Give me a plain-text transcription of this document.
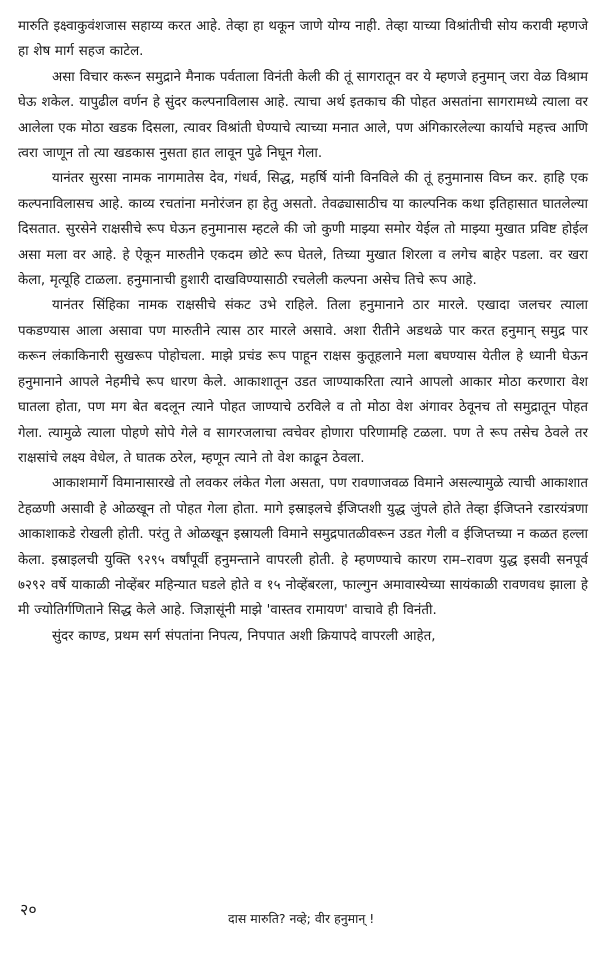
मारुति इक्ष्वाकुवंशजास सहाय्य करत आहे. तेव्हा हा थकून जाणे योग्य नाही. तेव्हा याच्या विश्रांतीची सोय करावी म्हणजे हा शेष मार्ग सहज काटेल.

असा विचार करून समुद्राने मैनाक पर्वताला विनंती केली की तूं सागरातून वर ये म्हणजे हनुमान् जरा वेळ विश्राम घेऊ शकेल. यापुढील वर्णन हे सुंदर कल्पनाविलास आहे. त्याचा अर्थ इतकाच की पोहत असतांना सागरामध्ये त्याला वर आलेला एक मोठा खडक दिसला, त्यावर विश्रांती घेण्याचे त्याच्या मनात आले, पण अंगिकारलेल्या कार्याचे महत्त्व आणि त्वरा जाणून तो त्या खडकास नुसता हात लावून पुढे निघून गेला.

यानंतर सुरसा नामक नागमातेस देव, गंधर्व, सिद्ध, महर्षि यांनी विनविले की तूं हनुमानास विघ्न कर. हाहि एक कल्पनाविलासच आहे. काव्य रचतांना मनोरंजन हा हेतु असतो. तेवढ्यासाठीच या काल्पनिक कथा इतिहासात घातलेल्या दिसतात. सुरसेने राक्षसीचे रूप घेऊन हनुमानास म्हटले की जो कुणी माझ्या समोर येईल तो माझ्या मुखात प्रविष्ट होईल असा मला वर आहे. हे ऐकून मारुतीने एकदम छोटे रूप घेतले, तिच्या मुखात शिरला व लगेच बाहेर पडला. वर खरा केला, मृत्यूहि टाळला. हनुमानाची हुशारी दाखविण्यासाठी रचलेली कल्पना असेच तिचे रूप आहे.

यानंतर सिंहिका नामक राक्षसीचे संकट उभे राहिले. तिला हनुमानाने ठार मारले. एखादा जलचर त्याला पकडण्यास आला असावा पण मारुतीने त्यास ठार मारले असावे. अशा रीतीने अडथळे पार करत हनुमान् समुद्र पार करून लंकाकिनारी सुखरूप पोहोचला. माझे प्रचंड रूप पाहून राक्षस कुतूहलाने मला बघण्यास येतील हे ध्यानी घेऊन हनुमानाने आपले नेहमीचे रूप धारण केले. आकाशातून उडत जाण्याकरिता त्याने आपलो आकार मोठा करणारा वेश घातला होता, पण मग बेत बदलून त्याने पोहत जाण्याचे ठरविले व तो मोठा वेश अंगावर ठेवूनच तो समुद्रातून पोहत गेला. त्यामुळे त्याला पोहणे सोपे गेले व सागरजलाचा त्वचेवर होणारा परिणामहि टळला. पण ते रूप तसेच ठेवले तर राक्षसांचे लक्ष्य वेधेल, ते घातक ठरेल, म्हणून त्याने तो वेश काढून ठेवला.

आकाशमार्गे विमानासारखे तो लवकर लंकेत गेला असता, पण रावणाजवळ विमाने असल्यामुळे त्याची आकाशात टेहळणी असावी हे ओळखून तो पोहत गेला होता. मागे इस्राइलचे ईजिप्तशी युद्ध जुंपले होते तेव्हा ईजिप्तने रडारयंत्रणा आकाशाकडे रोखली होती. परंतु ते ओळखून इस्रायली विमाने समुद्रपातळीवरून उडत गेली व ईजिप्तच्या न कळत हल्ला केला. इस्राइलची युक्ति ९२९५ वर्षांपूर्वी हनुमन्ताने वापरली होती. हे म्हणण्याचे कारण राम–रावण युद्ध इसवी सनपूर्व ७२९२ वर्षे याकाळी नोव्हेंबर महिन्यात घडले होते व १५ नोव्हेंबरला, फाल्गुन अमावास्येच्या सायंकाळी रावणवध झाला हे मी ज्योतिर्गणिताने सिद्ध केले आहे. जिज्ञासूंनी माझे 'वास्तव रामायण' वाचावे ही विनंती.

सुंदर काण्ड, प्रथम सर्ग संपतांना निपत्य, निपपात अशी क्रियापदे वापरली आहेत,

२०	दास मारुति? नव्हे; वीर हनुमान् !
